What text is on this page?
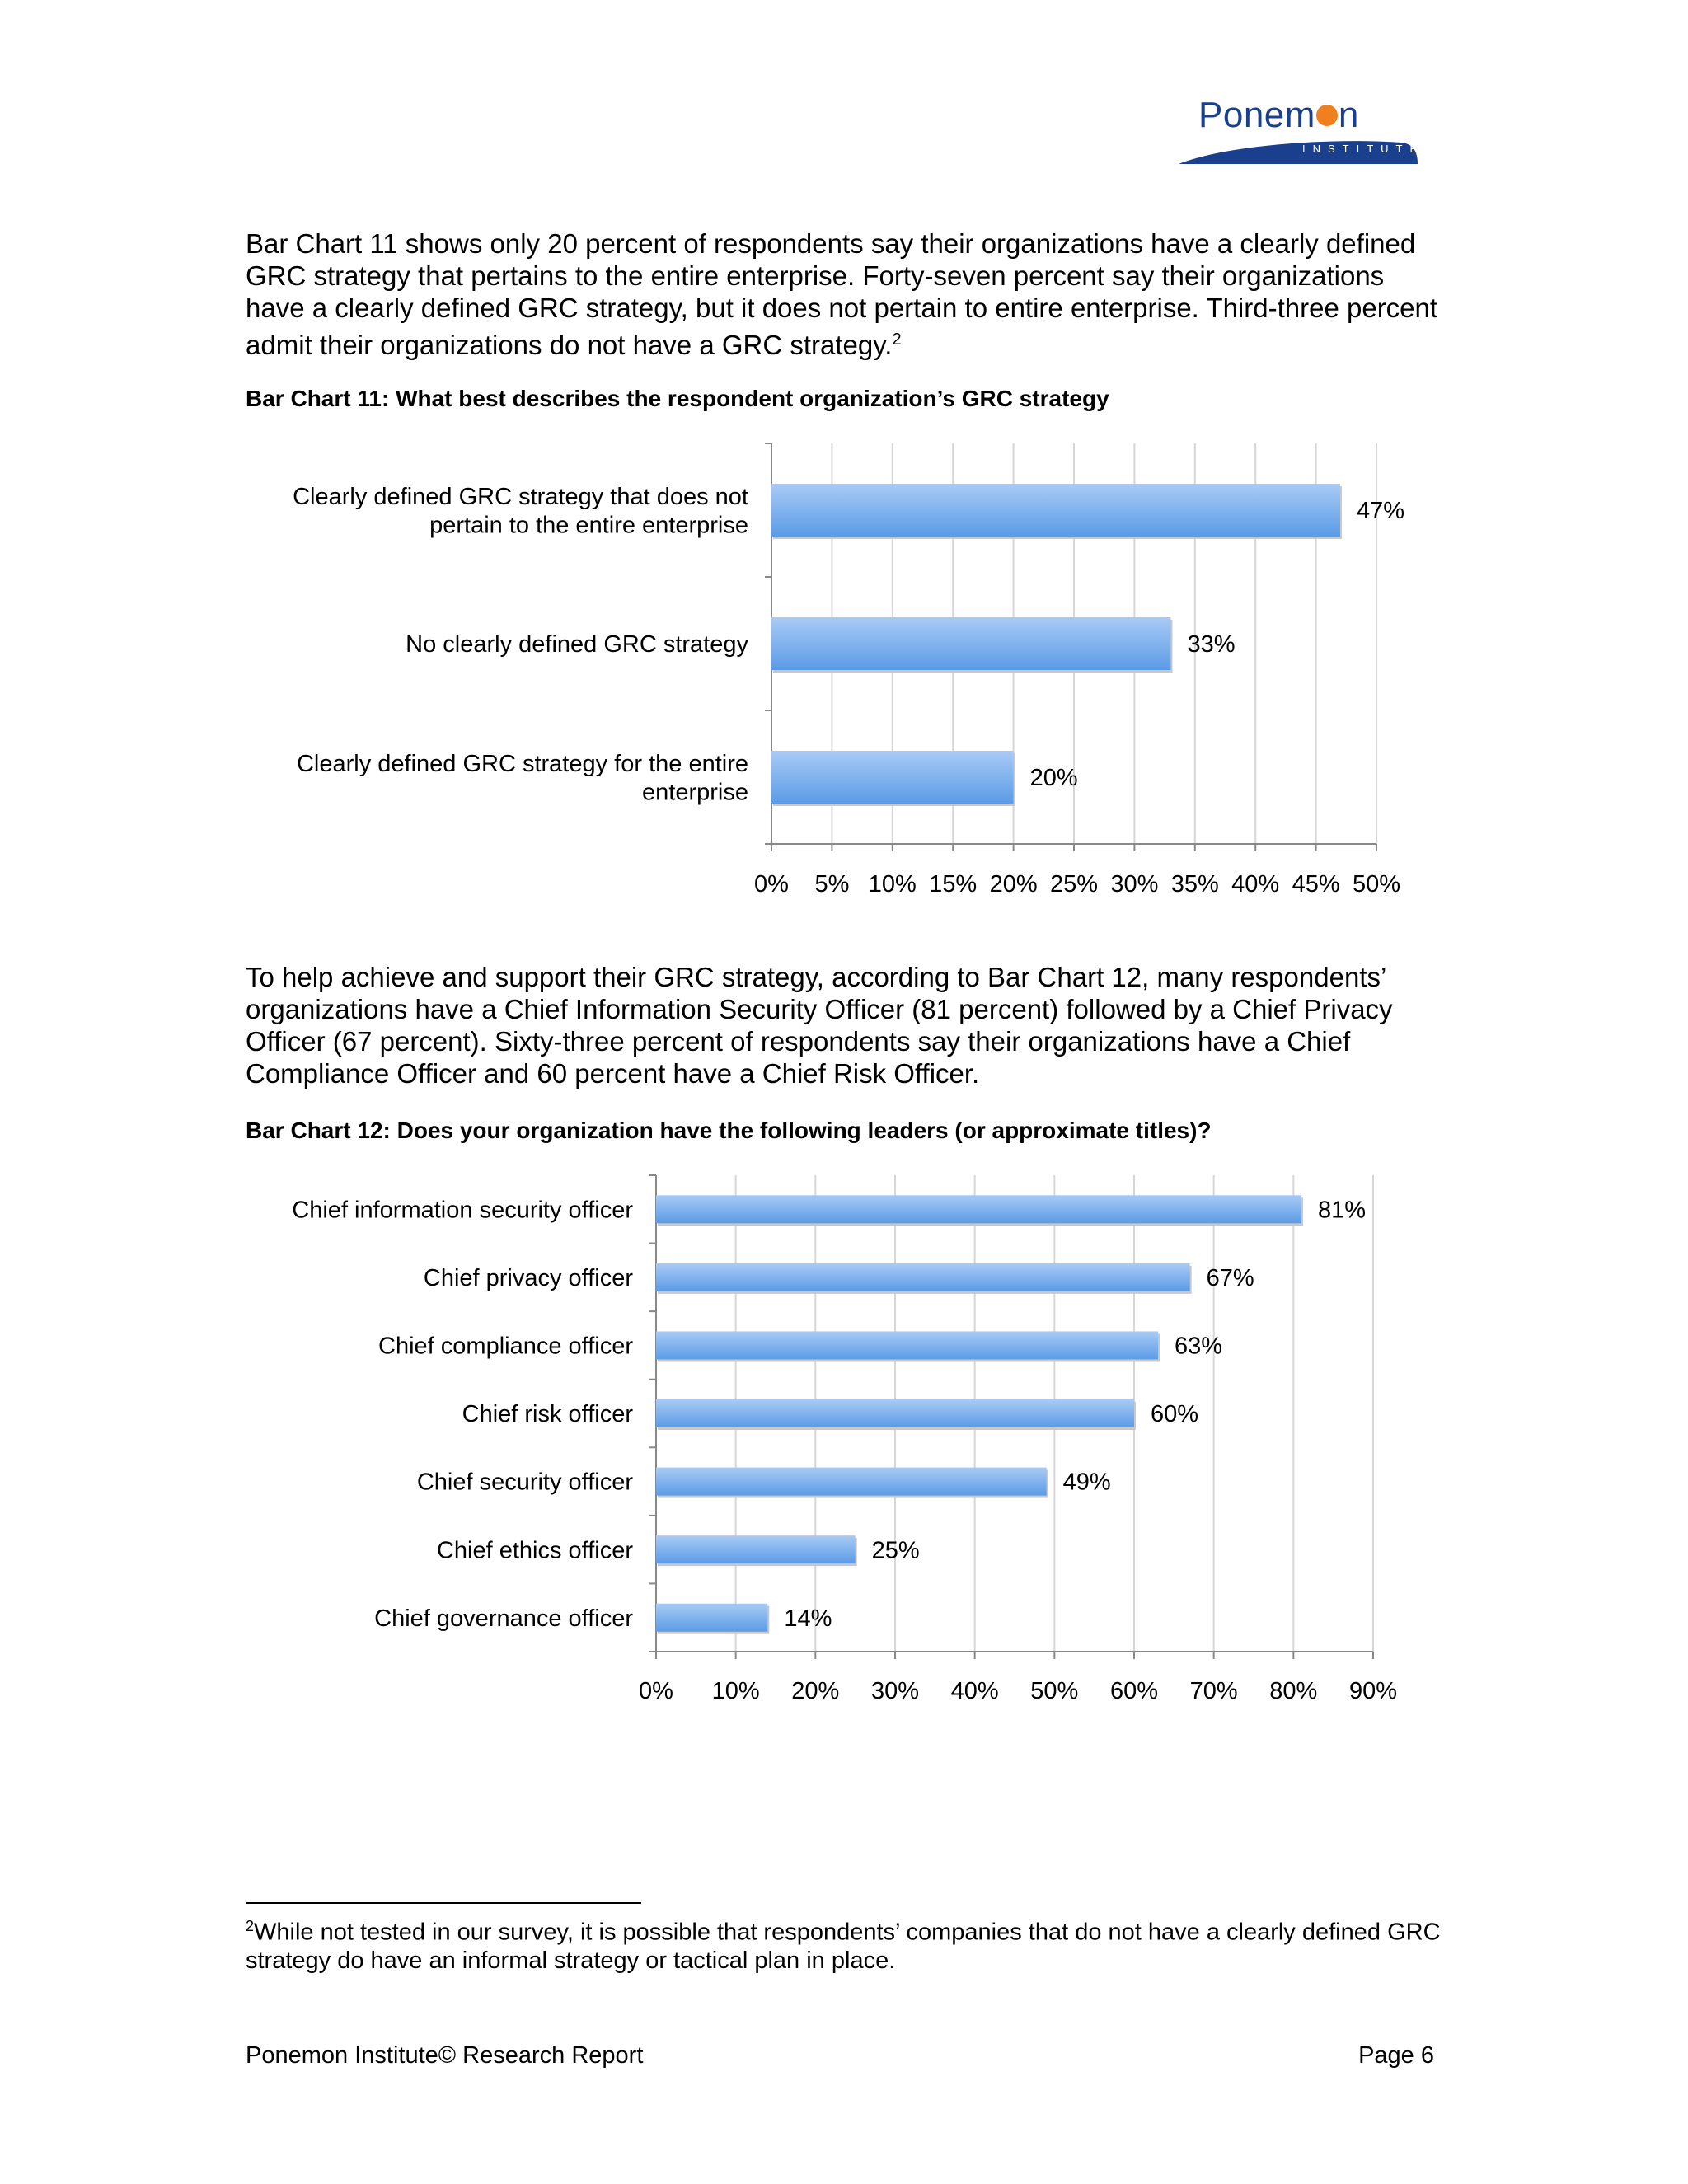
Ponem n
INSTITUTE
Bar Chart 11 shows only 20 percent of respondents say their organizations have a clearly defined GRC strategy that pertains to the entire enterprise. Forty-seven percent say their organizations have a clearly defined GRC strategy, but it does not pertain to entire enterprise. Third-three percent admit their organizations do not have a GRC strategy.$^2$
Bar Chart 11: What best describes the respondent organization’s GRC strategy
0% 5% 10% 15% 20% 25% 30% 35% 40% 45% 50%
47%
Clearly defined GRC strategy that does not
pertain to the entire enterprise
33%
No clearly defined GRC strategy
20%
Clearly defined GRC strategy for the entire
enterprise
To help achieve and support their GRC strategy, according to Bar Chart 12, many respondents’ organizations have a Chief Information Security Officer (81 percent) followed by a Chief Privacy Officer (67 percent). Sixty-three percent of respondents say their organizations have a Chief Compliance Officer and 60 percent have a Chief Risk Officer.
Bar Chart 12: Does your organization have the following leaders (or approximate titles)?
0% 10% 20% 30% 40% 50% 60% 70% 80% 90%
81%
Chief information security officer
67%
Chief privacy officer
63%
Chief compliance officer
60%
Chief risk officer
49%
Chief security officer
25%
Chief ethics officer
14%
Chief governance officer
$^2$While not tested in our survey, it is possible that respondents’ companies that do not have a clearly defined GRC strategy do have an informal strategy or tactical plan in place.
Ponemon Institute© Research Report	Page 6
